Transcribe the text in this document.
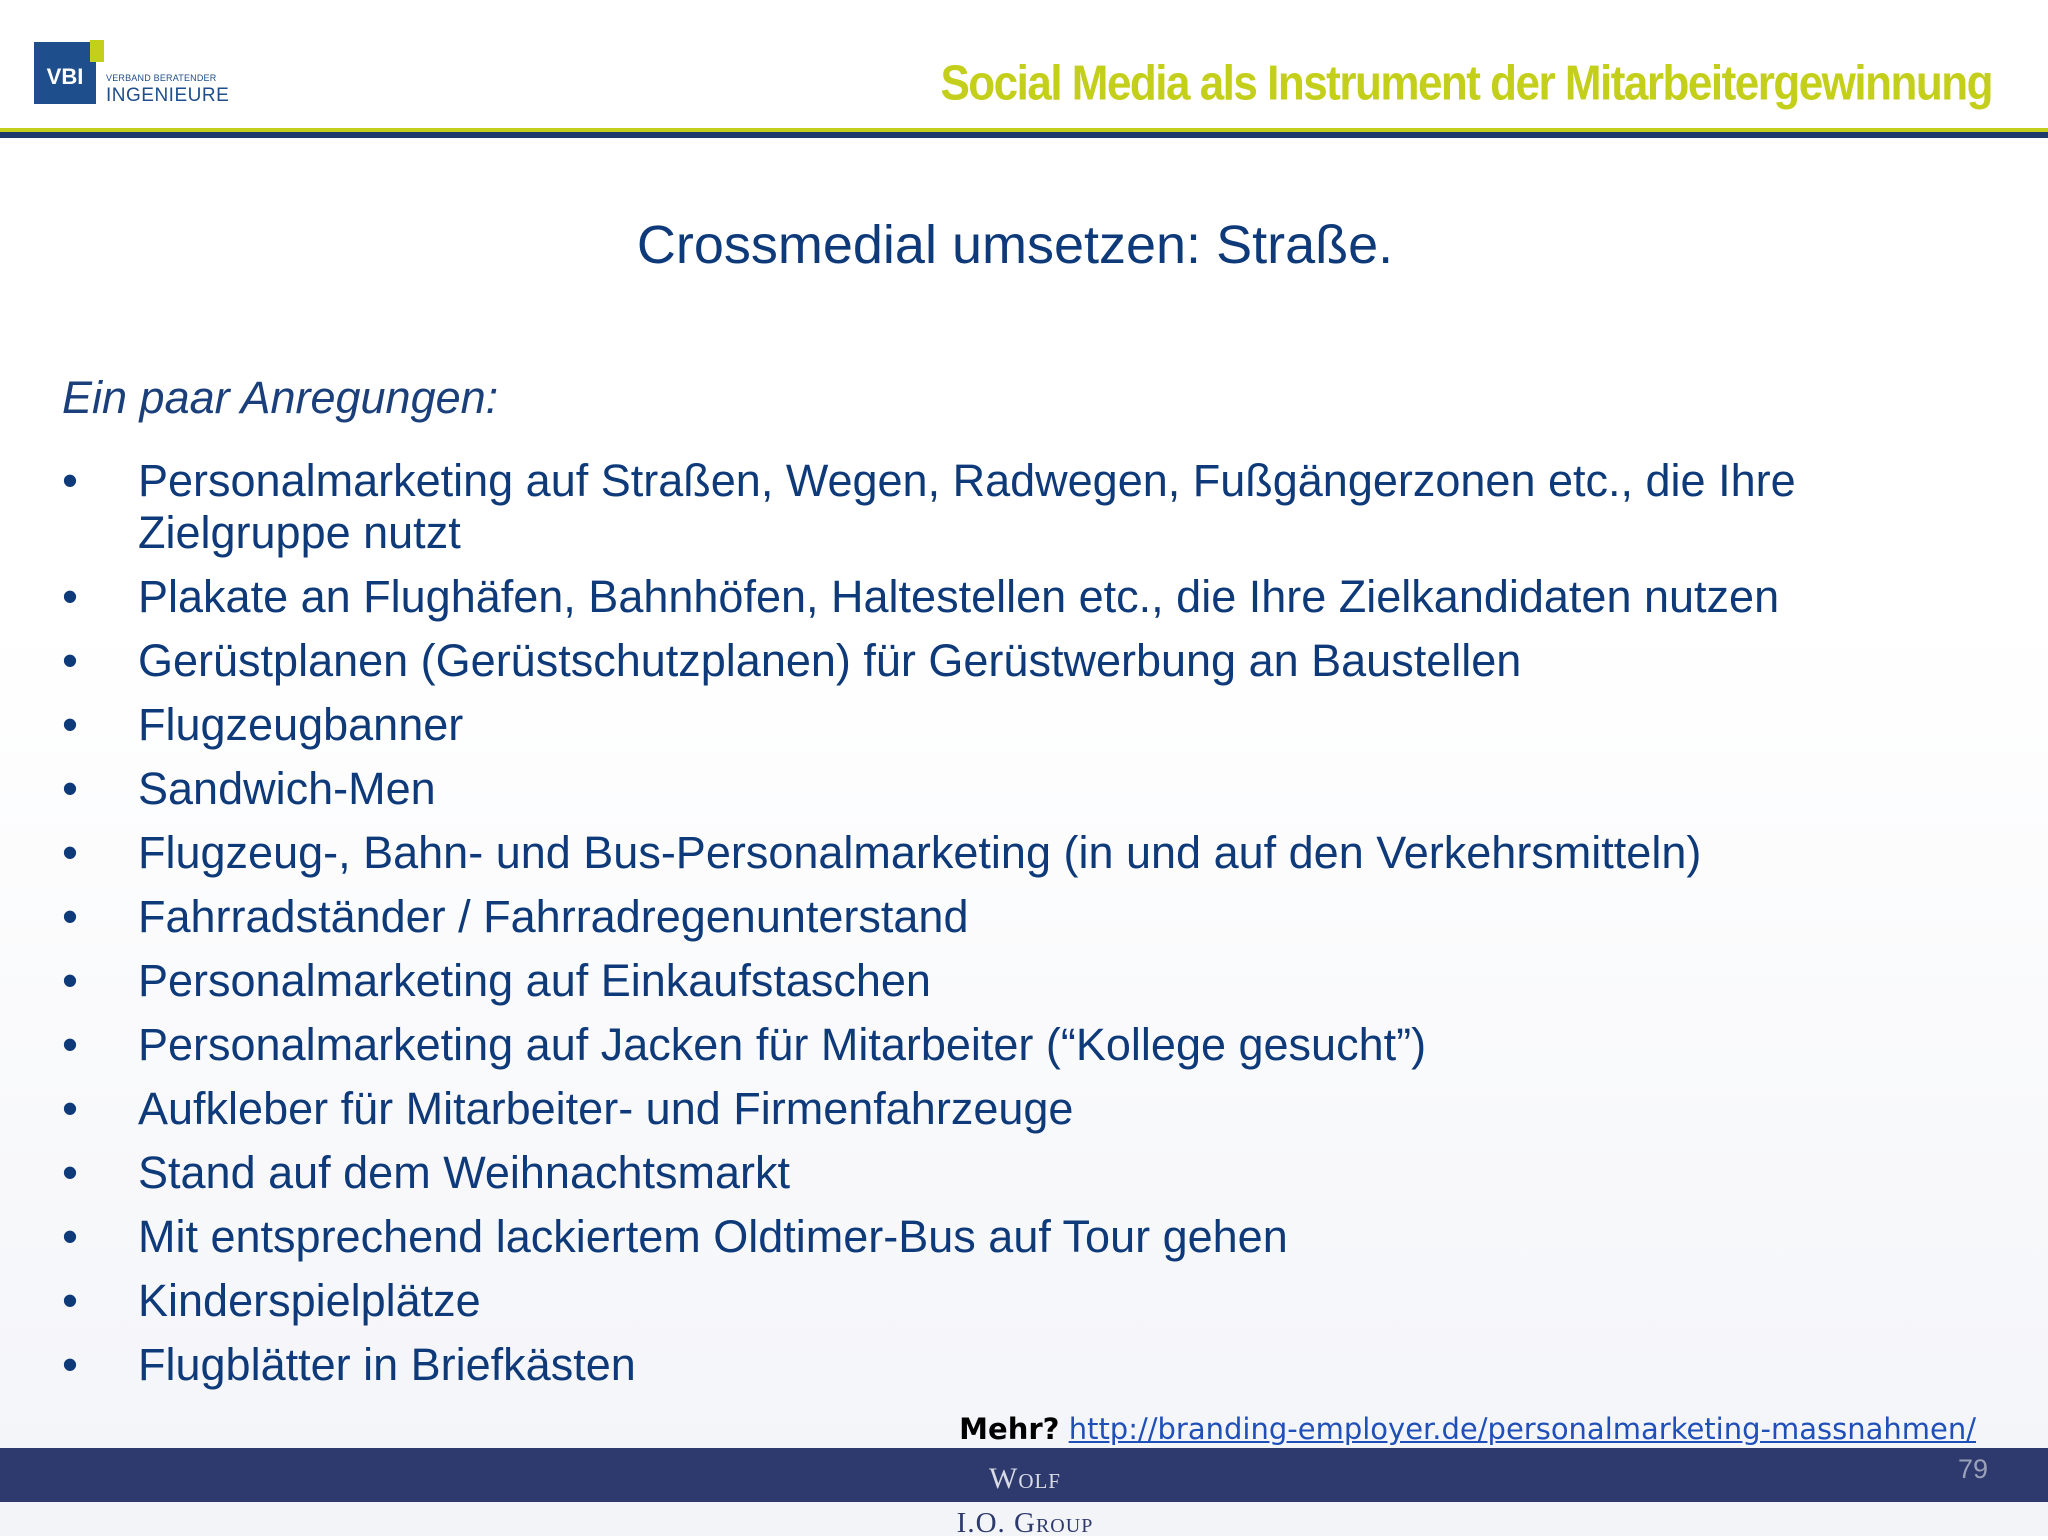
VBI	VERBAND BERATENDER
INGENIEURE	Social Media als Instrument der Mitarbeitergewinnung
Crossmedial umsetzen: Straße.
Ein paar Anregungen:
• Personalmarketing auf Straßen, Wegen, Radwegen, Fußgängerzonen etc., die Ihre Zielgruppe nutzt
• Plakate an Flughäfen, Bahnhöfen, Haltestellen etc., die Ihre Zielkandidaten nutzen
• Gerüstplanen (Gerüstschutzplanen) für Gerüstwerbung an Baustellen
• Flugzeugbanner
• Sandwich-Men
• Flugzeug-, Bahn- und Bus-Personalmarketing (in und auf den Verkehrsmitteln)
• Fahrradständer / Fahrradregenunterstand
• Personalmarketing auf Einkaufstaschen
• Personalmarketing auf Jacken für Mitarbeiter (“Kollege gesucht”)
• Aufkleber für Mitarbeiter- und Firmenfahrzeuge
• Stand auf dem Weihnachtsmarkt
• Mit entsprechend lackiertem Oldtimer-Bus auf Tour gehen
• Kinderspielplätze
• Flugblätter in Briefkästen
Mehr? http://branding-employer.de/personalmarketing-massnahmen/
79
Wolf
I.O. Group
